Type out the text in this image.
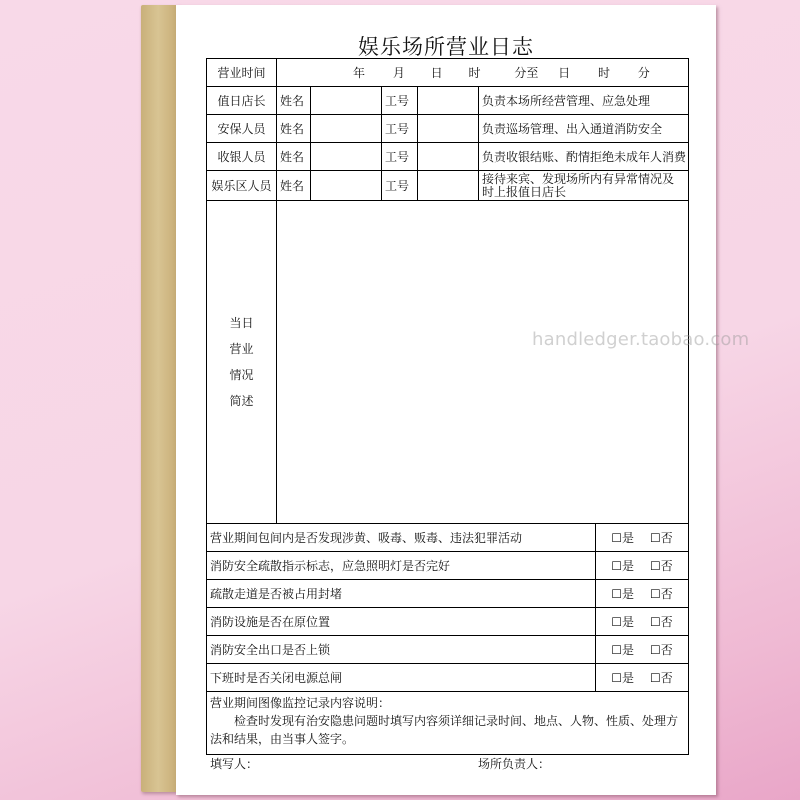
娱乐场所营业日志
营业时间	年 月 日 时 分至 日 时 分					
值日店长	姓名		工号		负责本场所经营管理、应急处理	
安保人员	姓名		工号		负责巡场管理、出入通道消防安全	
收银人员	姓名		工号		负责收银结账、酌情拒绝未成年人消费	
娱乐区人员	姓名		工号		接待来宾、发现场所内有异常情况及时上报值日店长	

当日
营业
情况
简述						

营业期间包间内是否发现涉黄、吸毒、贩毒、违法犯罪活动						☐是 ☐否
消防安全疏散指示标志，应急照明灯是否完好						☐是 ☐否
疏散走道是否被占用封堵						☐是 ☐否
消防设施是否在原位置						☐是 ☐否
消防安全出口是否上锁						☐是 ☐否
下班时是否关闭电源总闸						☐是 ☐否

营业期间图像监控记录内容说明：
检查时发现有治安隐患问题时填写内容须详细记录时间、地点、人物、性质、处理方法和结果，由当事人签字。						
填写人：	场所负责人：
handledger.taobao.com
